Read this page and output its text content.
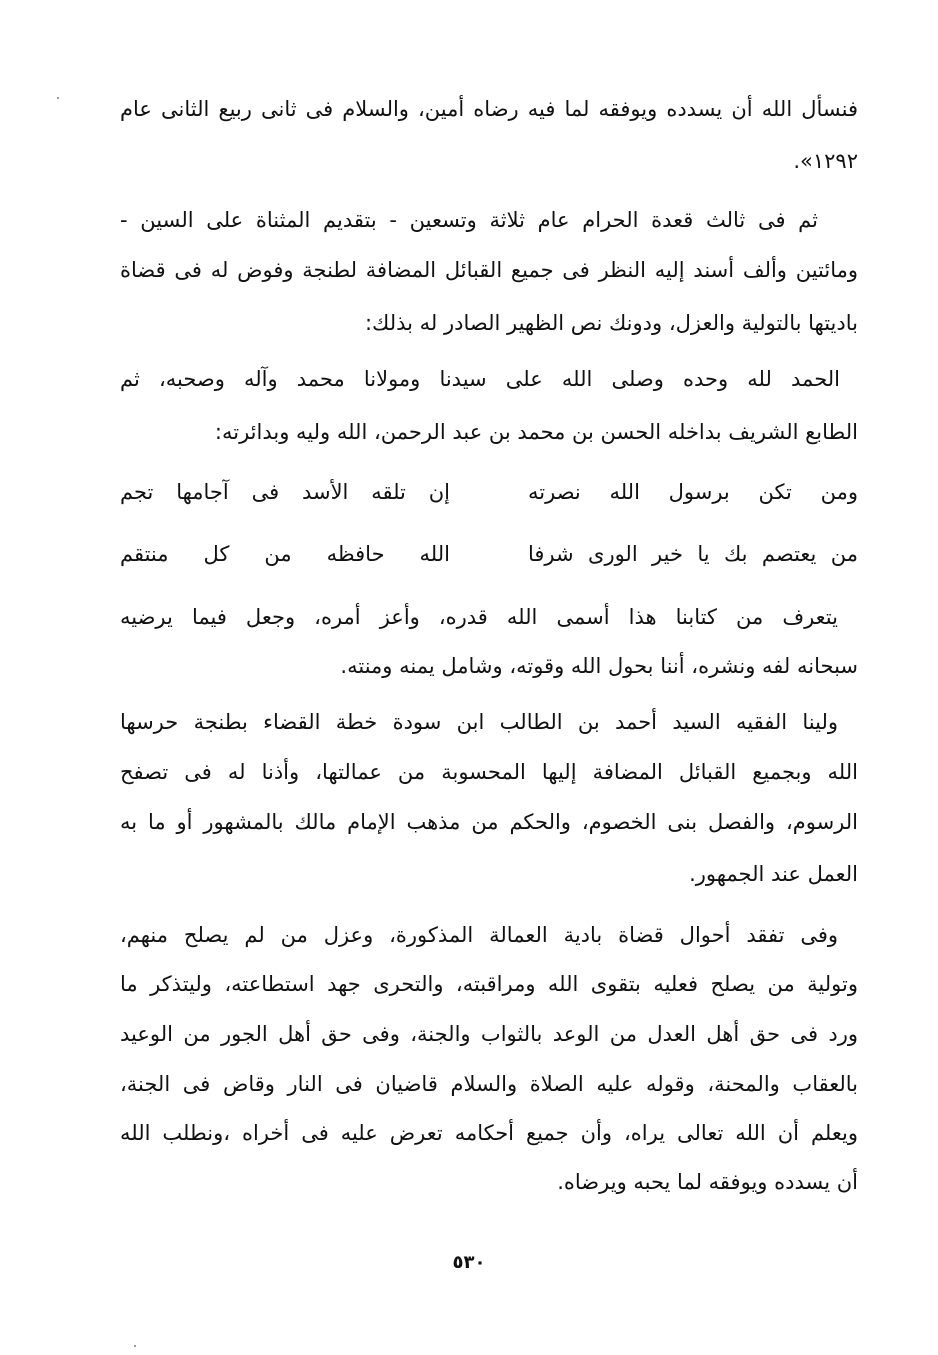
فنسأل الله أن يسدده ويوفقه لما فيه رضاه أمين، والسلام فى ثانى ربيع الثانى عام
١٢٩٢».
ثم فى ثالث قعدة الحرام عام ثلاثة وتسعين - بتقديم المثناة على السين -
ومائتين وألف أسند إليه النظر فى جميع القبائل المضافة لطنجة وفوض له فى قضاة
باديتها بالتولية والعزل، ودونك نص الظهير الصادر له بذلك:
الحمد لله وحده وصلى الله على سيدنا ومولانا محمد وآله وصحبه، ثم
الطابع الشريف بداخله الحسن بن محمد بن عبد الرحمن، الله وليه وبدائرته:
ومن تكن برسول الله نصرته
إن تلقه الأسد فى آجامها تجم
من يعتصم بك يا خير الورى شرفا
الله حافظه من كل منتقم
يتعرف من كتابنا هذا أسمى الله قدره، وأعز أمره، وجعل فيما يرضيه
سبحانه لفه ونشره، أننا بحول الله وقوته، وشامل يمنه ومنته.
ولينا الفقيه السيد أحمد بن الطالب ابن سودة خطة القضاء بطنجة حرسها
الله وبجميع القبائل المضافة إليها المحسوبة من عمالتها، وأذنا له فى تصفح
الرسوم، والفصل بنى الخصوم، والحكم من مذهب الإمام مالك بالمشهور أو ما به
العمل عند الجمهور.
وفى تفقد أحوال قضاة بادية العمالة المذكورة، وعزل من لم يصلح منهم،
وتولية من يصلح فعليه بتقوى الله ومراقبته، والتحرى جهد استطاعته، وليتذكر ما
ورد فى حق أهل العدل من الوعد بالثواب والجنة، وفى حق أهل الجور من الوعيد
بالعقاب والمحنة، وقوله عليه الصلاة والسلام قاضيان فى النار وقاض فى الجنة،
ويعلم أن الله تعالى يراه، وأن جميع أحكامه تعرض عليه فى أخراه ،ونطلب الله
أن يسدده ويوفقه لما يحبه ويرضاه.
٥٣٠
